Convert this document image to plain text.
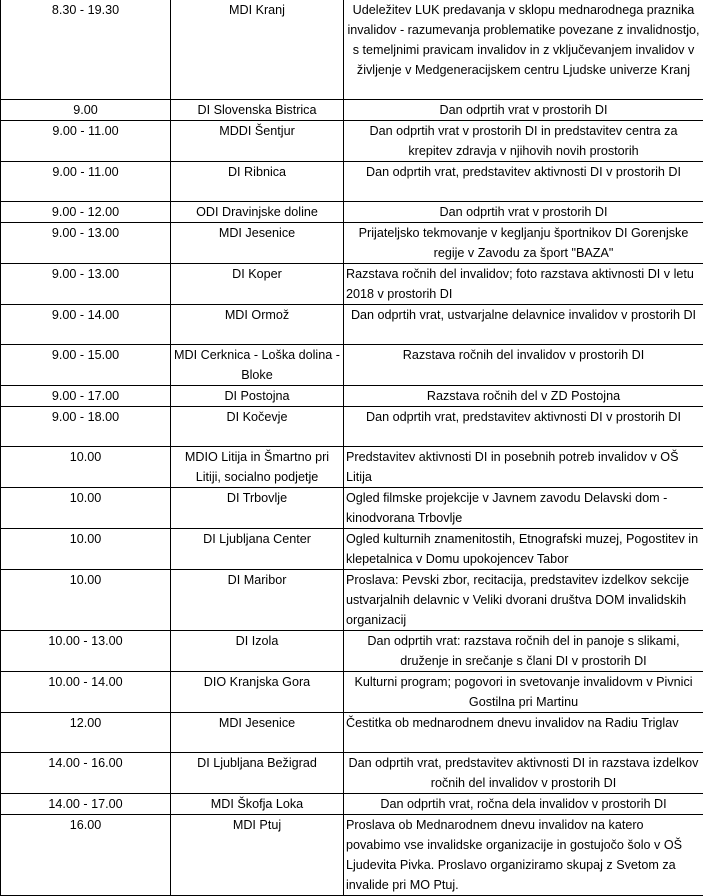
8.30 - 19.30	MDI Kranj	Udeležitev LUK predavanja v sklopu mednarodnega praznika invalidov - razumevanja problematike povezane z invalidnostjo, s temeljnimi pravicam invalidov in z vključevanjem invalidov v življenje v Medgeneracijskem centru Ljudske univerze Kranj
9.00	DI Slovenska Bistrica	Dan odprtih vrat v prostorih DI
9.00 - 11.00	MDDI Šentjur	Dan odprtih vrat v prostorih DI in predstavitev centra za krepitev zdravja v njihovih novih prostorih
9.00 - 11.00	DI Ribnica	Dan odprtih vrat, predstavitev aktivnosti DI v prostorih DI
9.00 - 12.00	ODI Dravinjske doline	Dan odprtih vrat v prostorih DI
9.00 - 13.00	MDI Jesenice	Prijateljsko tekmovanje v kegljanju športnikov DI Gorenjske regije v Zavodu za šport "BAZA"
9.00 - 13.00	DI Koper	Razstava ročnih del invalidov; foto razstava aktivnosti DI v letu 2018 v prostorih DI
9.00 - 14.00	MDI Ormož	Dan odprtih vrat, ustvarjalne delavnice invalidov v prostorih DI
9.00 - 15.00	MDI Cerknica - Loška dolina - Bloke	Razstava ročnih del invalidov v prostorih DI
9.00 - 17.00	DI Postojna	Razstava ročnih del v ZD Postojna
9.00 - 18.00	DI Kočevje	Dan odprtih vrat, predstavitev aktivnosti DI v prostorih DI
10.00	MDIO Litija in Šmartno pri Litiji, socialno podjetje	Predstavitev aktivnosti DI in posebnih potreb invalidov v OŠ Litija
10.00	DI Trbovlje	Ogled filmske projekcije v Javnem zavodu Delavski dom - kinodvorana Trbovlje
10.00	DI Ljubljana Center	Ogled kulturnih znamenitostih, Etnografski muzej, Pogostitev in klepetalnica v Domu upokojencev Tabor
10.00	DI Maribor	Proslava: Pevski zbor, recitacija, predstavitev izdelkov sekcije ustvarjalnih delavnic v Veliki dvorani društva DOM invalidskih organizacij
10.00 - 13.00	DI Izola	Dan odprtih vrat: razstava ročnih del in panoje s slikami, druženje in srečanje s člani DI v prostorih DI
10.00 - 14.00	DIO Kranjska Gora	Kulturni program; pogovori in svetovanje invalidovm v Pivnici Gostilna pri Martinu
12.00	MDI Jesenice	Čestitka ob mednarodnem dnevu invalidov na Radiu Triglav
14.00 - 16.00	DI Ljubljana Bežigrad	Dan odprtih vrat, predstavitev aktivnosti DI in razstava izdelkov ročnih del invalidov v prostorih DI
14.00 - 17.00	MDI Škofja Loka	Dan odprtih vrat, ročna dela invalidov v prostorih DI
16.00	MDI Ptuj	Proslava ob Mednarodnem dnevu invalidov na katero povabimo vse invalidske organizacije in gostujočo šolo v OŠ Ljudevita Pivka. Proslavo organiziramo skupaj z Svetom za invalide pri MO Ptuj.
